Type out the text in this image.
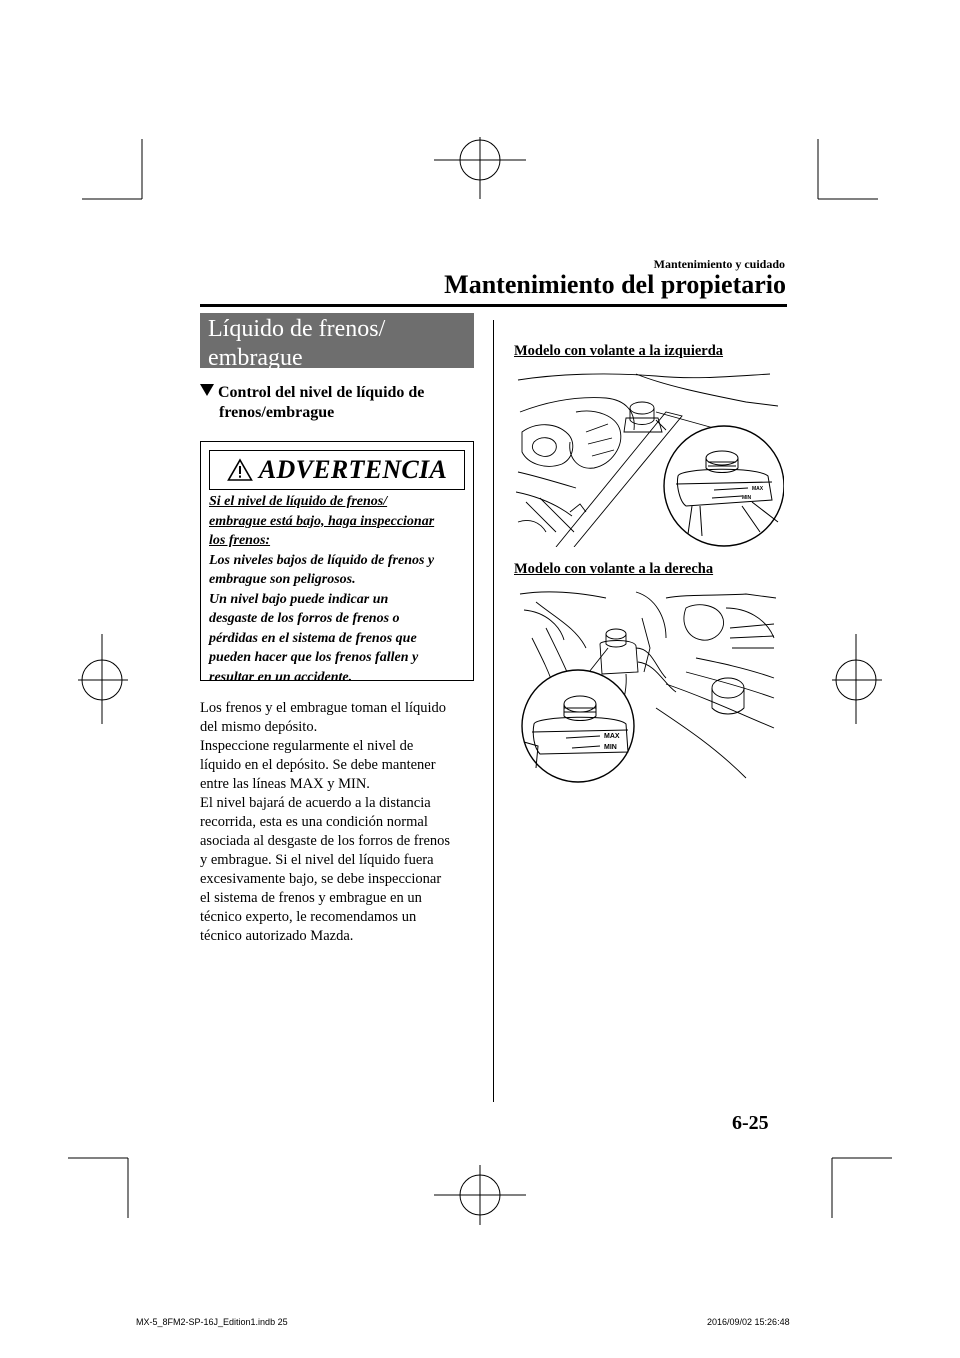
Mantenimiento y cuidado
Mantenimiento del propietario
Líquido de frenos/
embrague
Control del nivel de líquido de
frenos/embrague
ADVERTENCIA
Si el nivel de líquido de frenos/
embrague está bajo, haga inspeccionar
los frenos:
Los niveles bajos de líquido de frenos y
embrague son peligrosos.
Un nivel bajo puede indicar un
desgaste de los forros de frenos o
pérdidas en el sistema de frenos que
pueden hacer que los frenos fallen y
resultar en un accidente.
Los frenos y el embrague toman el líquido
del mismo depósito.
Inspeccione regularmente el nivel de
líquido en el depósito. Se debe mantener
entre las líneas MAX y MIN.
El nivel bajará de acuerdo a la distancia
recorrida, esta es una condición normal
asociada al desgaste de los forros de frenos
y embrague. Si el nivel del líquido fuera
excesivamente bajo, se debe inspeccionar
el sistema de frenos y embrague en un
técnico experto, le recomendamos un
técnico autorizado Mazda.
Modelo con volante a la izquierda
Modelo con volante a la derecha
MAX
MIN
MAX
MIN
6-25
MX-5_8FM2-SP-16J_Edition1.indb 25	2016/09/02 15:26:48
